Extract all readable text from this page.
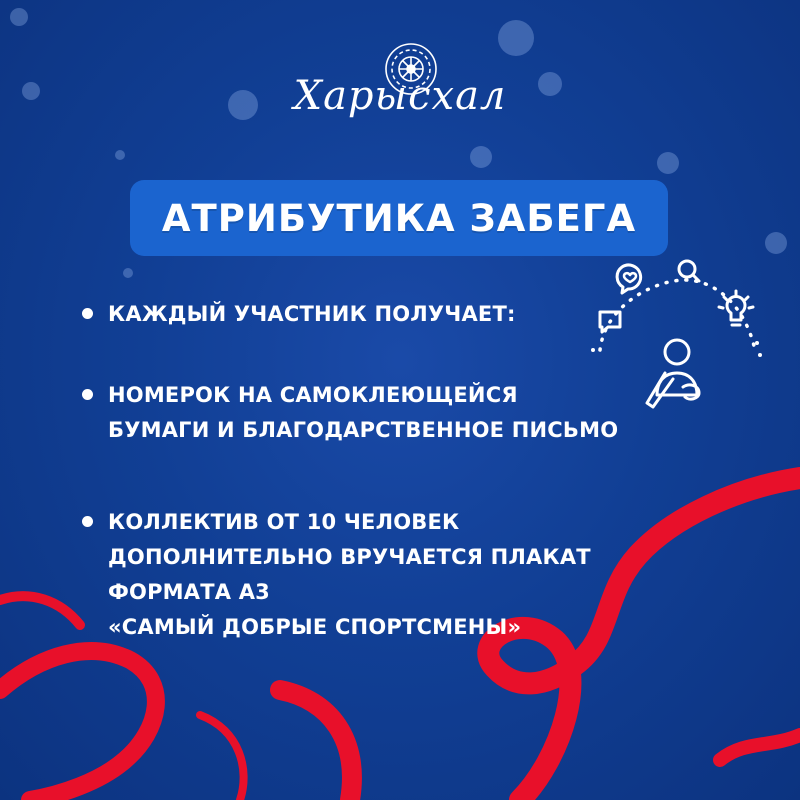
Харысхал
АТРИБУТИКА ЗАБЕГА
КАЖДЫЙ УЧАСТНИК ПОЛУЧАЕТ:
НОМЕРОК НА САМОКЛЕЮЩЕЙСЯ
БУМАГИ И БЛАГОДАРСТВЕННОЕ ПИСЬМО
КОЛЛЕКТИВ ОТ 10 ЧЕЛОВЕК
ДОПОЛНИТЕЛЬНО ВРУЧАЕТСЯ ПЛАКАТ
ФОРМАТА А3
«САМЫЙ ДОБРЫЕ СПОРТСМЕНЫ»
